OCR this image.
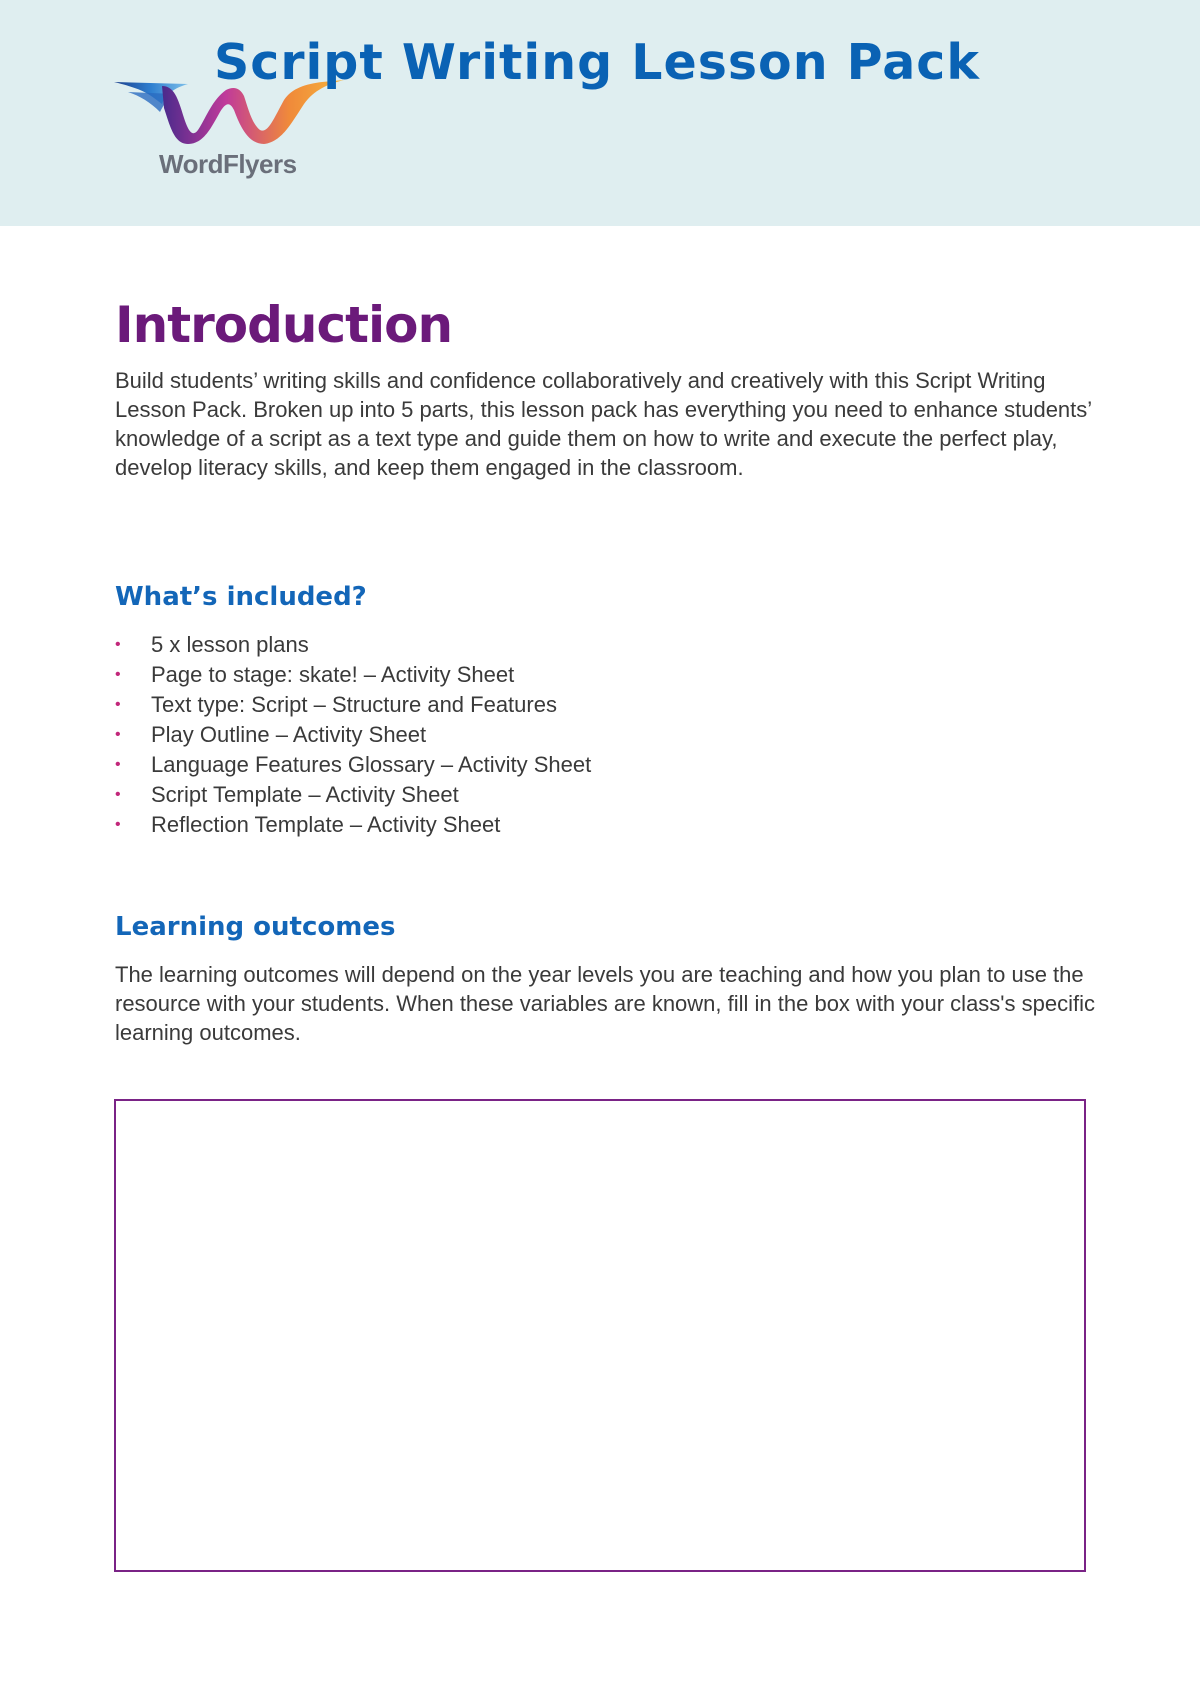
WordFlyers
Script Writing Lesson Pack
Introduction

Build students’ writing skills and confidence collaboratively and creatively with this Script Writing Lesson Pack. Broken up into 5 parts, this lesson pack has everything you need to enhance students’ knowledge of a script as a text type and guide them on how to write and execute the perfect play, develop literacy skills, and keep them engaged in the classroom.

What’s included?
• 5 x lesson plans
• Page to stage: skate! – Activity Sheet
• Text type: Script – Structure and Features
• Play Outline – Activity Sheet
• Language Features Glossary – Activity Sheet
• Script Template – Activity Sheet
• Reflection Template – Activity Sheet
Learning outcomes

The learning outcomes will depend on the year levels you are teaching and how you plan to use the resource with your students. When these variables are known, fill in the box with your class's specific learning outcomes.
